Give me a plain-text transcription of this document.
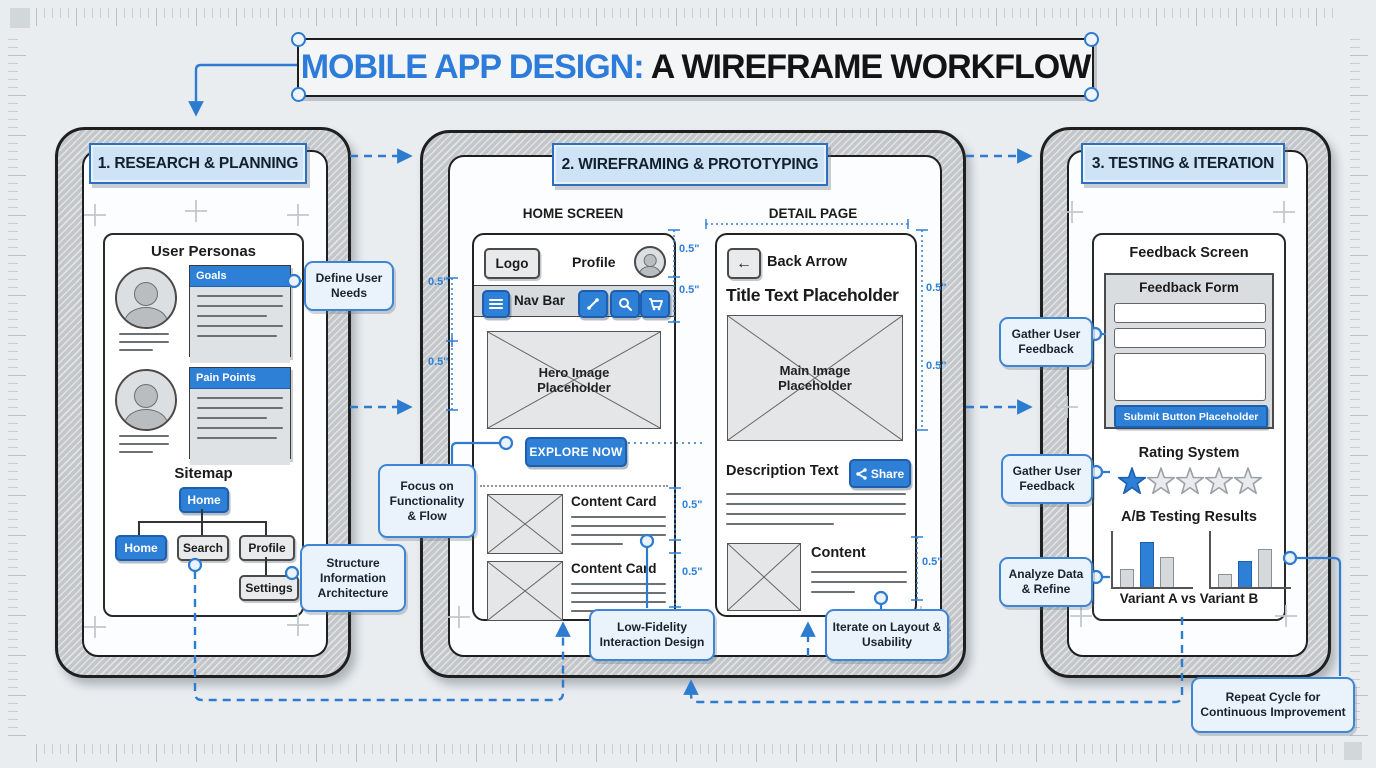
User Personas
Goals
Pain Points
Sitemap
Home
Home	Search	Profile
Settings
HOME SCREEN	DETAIL PAGE
Logo	Profile
Nav Bar
Hero Image Placeholder
EXPLORE NOW
Content Card
Content Card
←	Back Arrow
Title Text Placeholder
Main Image Placeholder
Description Text	Share
Content
Feedback Screen
Feedback Form
Submit Button Placeholder
Rating System
A/B Testing Results
Variant A vs Variant B
1. RESEARCH & PLANNING	2. WIREFRAMING & PROTOTYPING	3. TESTING & ITERATION
0.5"
0.5"
0.5"
0.5"	0.5"
0.5"
0.5"
0.5"
0.5"
Define User Needs
Structure Information Architecture
Focus on Functionality & Flow
Low-Fidelity Interaction Design
Iterate on Layout & Usability
Gather User Feedback
Gather User Feedback
Analyze Data & Refine
Repeat Cycle for Continuous Improvement
MOBILE APP DESIGN: A WIREFRAME WORKFLOW
